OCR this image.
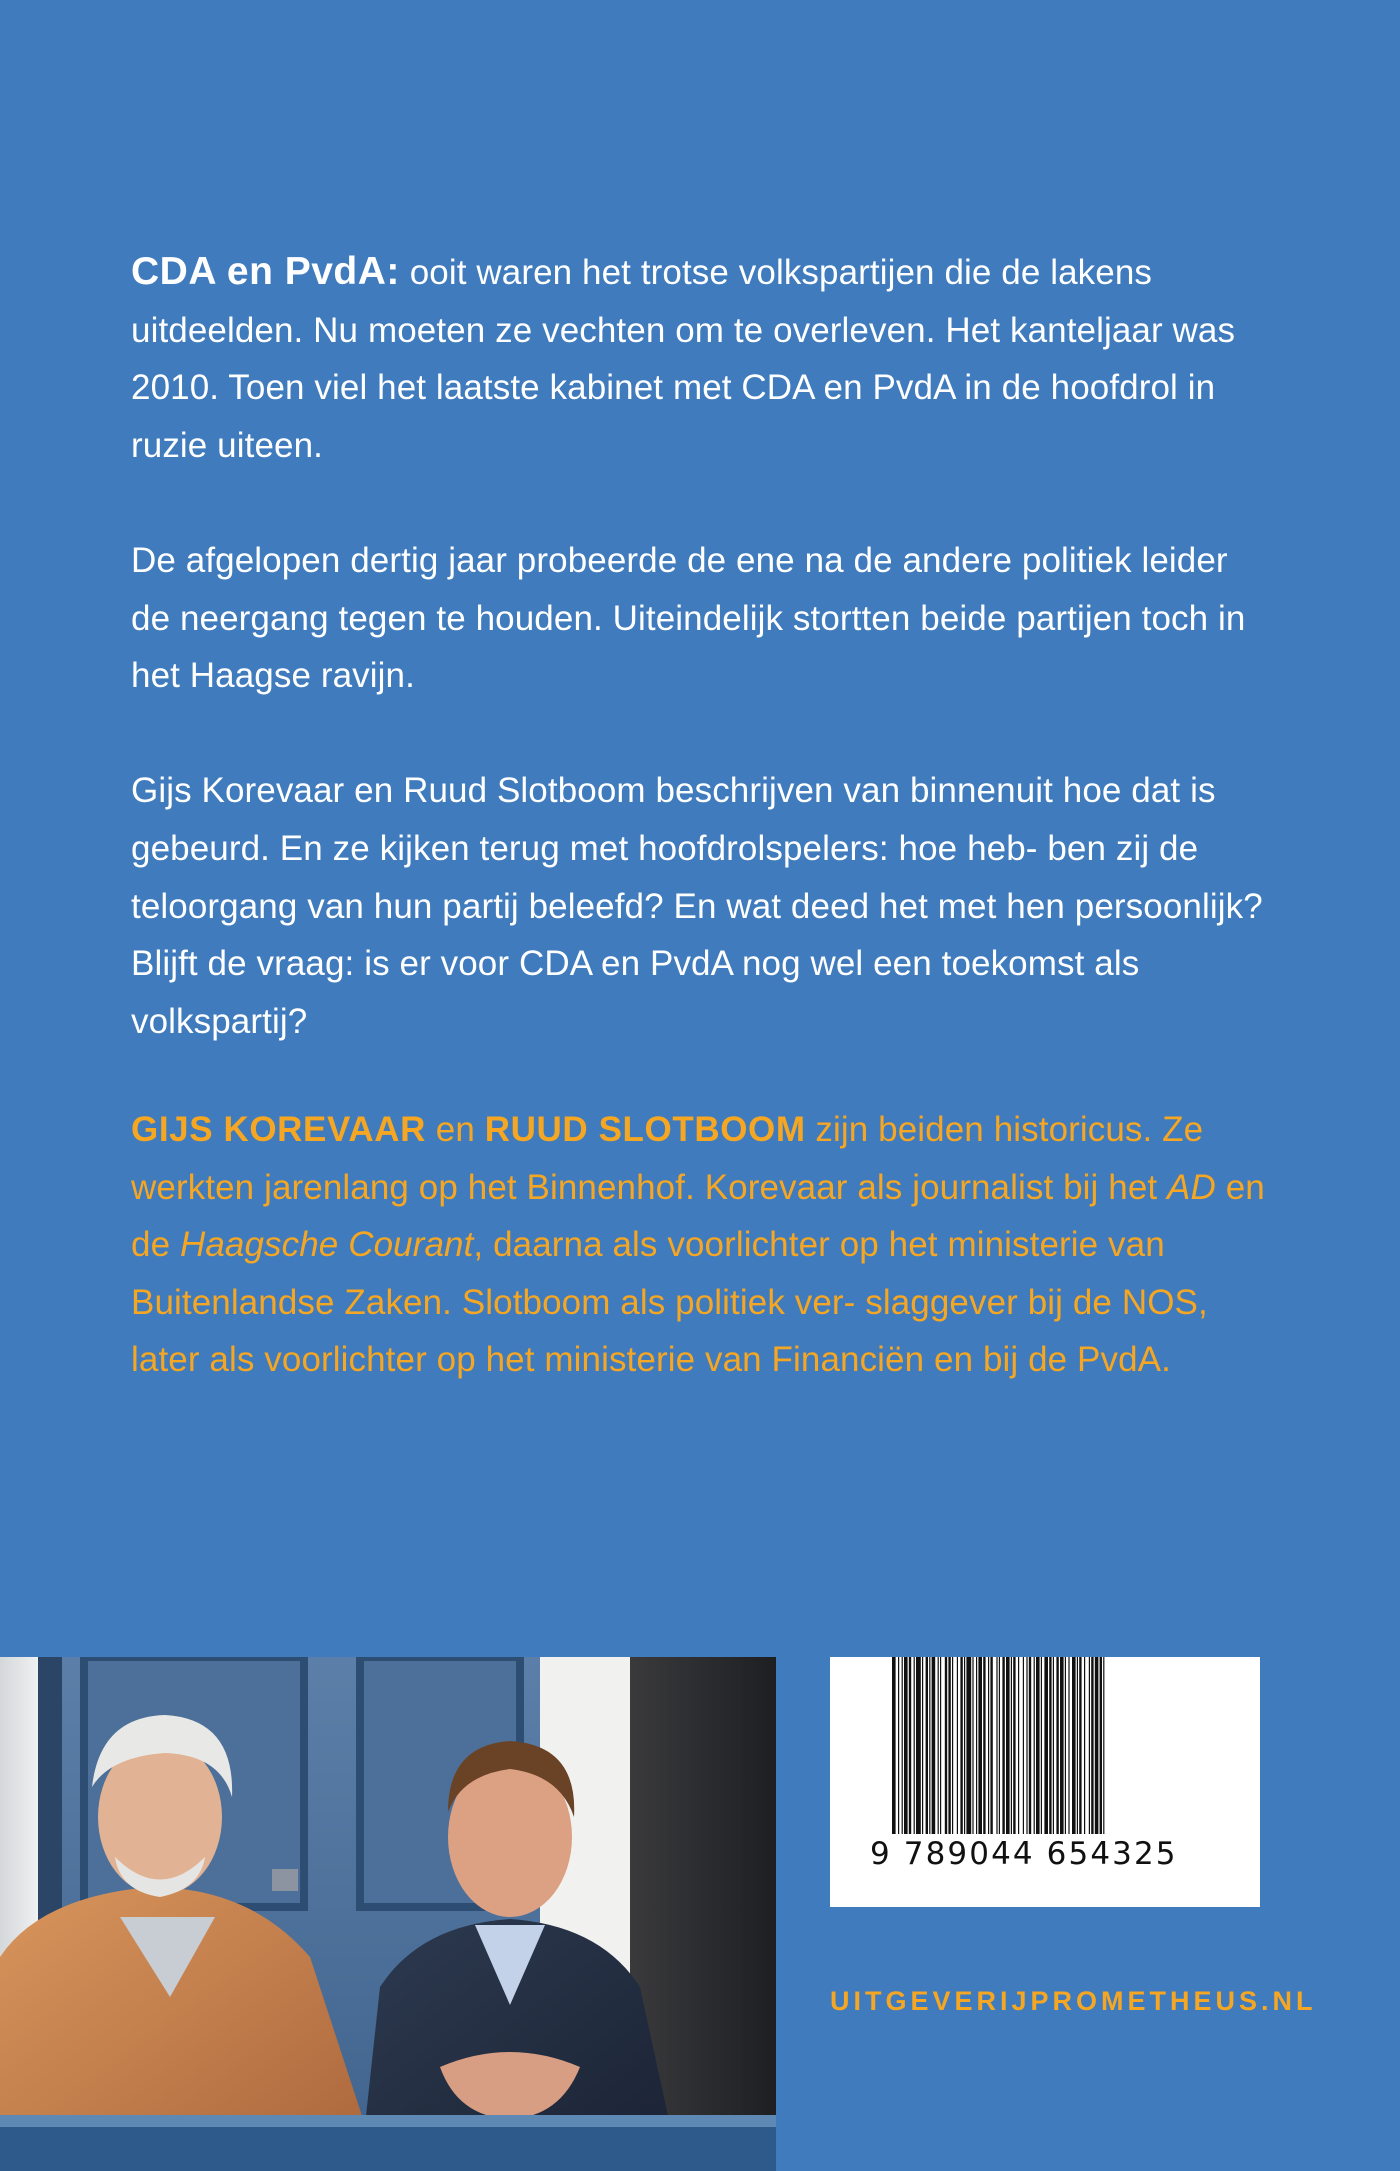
CDA en PvdA: ooit waren het trotse volkspartijen die de lakens uitdeelden. Nu moeten ze vechten om te overleven. Het kanteljaar was 2010. Toen viel het laatste kabinet met CDA en PvdA in de hoofdrol in ruzie uiteen.

De afgelopen dertig jaar probeerde de ene na de andere politiek leider de neergang tegen te houden. Uiteindelijk stortten beide partijen toch in het Haagse ravijn.

Gijs Korevaar en Ruud Slotboom beschrijven van binnenuit hoe dat is gebeurd. En ze kijken terug met hoofdrolspelers: hoe heb- ben zij de teloorgang van hun partij beleefd? En wat deed het met hen persoonlijk? Blijft de vraag: is er voor CDA en PvdA nog wel een toekomst als volkspartij?

GIJS KOREVAAR en RUUD SLOTBOOM zijn beiden historicus. Ze werkten jarenlang op het Binnenhof. Korevaar als journalist bij het AD en de Haagsche Courant, daarna als voorlichter op het ministerie van Buitenlandse Zaken. Slotboom als politiek ver- slaggever bij de NOS, later als voorlichter op het ministerie van Financiën en bij de PvdA.

9 789044 654325
UITGEVERIJPROMETHEUS.NL
